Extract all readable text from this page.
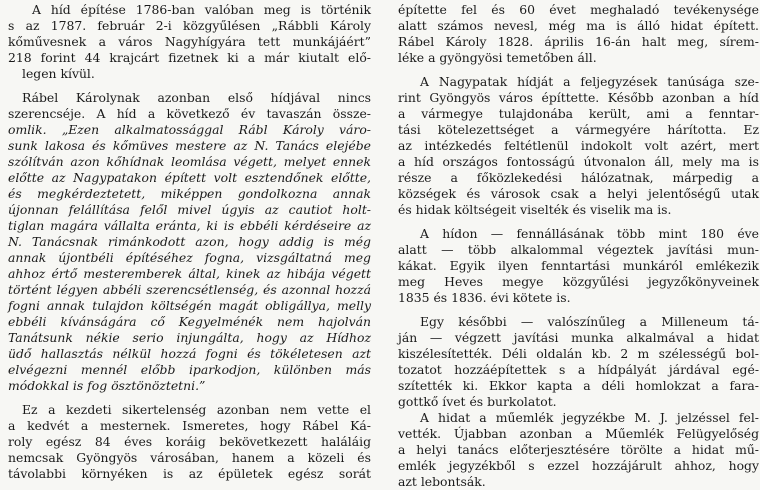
A híd építése 1786-ban valóban meg is történik
s az 1787. február 2-i közgyűlésen „Rábbli Károly
kőművesnek a város Nagyhígyára tett munkájáért”
218 forint 44 krajcárt fizetnek ki a már kiutalt elő-
legen kívül.
Rábel Károlynak azonban első hídjával nincs
szerencséje. A híd a következő év tavaszán össze-
omlik. „Ezen alkalmatossággal Rábl Károly váro-
sunk lakosa és kőmüves mestere az N. Tanács elejébe
szólítván azon kőhídnak leomlása végett, melyet ennek
előtte az Nagypatakon épített volt esztendőnek előtte,
és megkérdeztetett, miképpen gondolkozna annak
újonnan felállítása felől mivel úgyis az cautiot holt-
tiglan magára vállalta eránta, ki is ebbéli kérdéseire az
N. Tanácsnak rimánkodott azon, hogy addig is még
annak újontbéli építéséhez fogna, vizsgáltatná meg
ahhoz értő mesteremberek által, kinek az hibája végett
történt légyen abbéli szerencsétlenség, és azonnal hozzá
fogni annak tulajdon költségén magát obligállya, melly
ebbéli kívánságára cő Kegyelménék nem hajolván
Tanátsunk nékie serio injungálta, hogy az Hídhoz
üdő hallasztás nélkül hozzá fogni és tökéletesen azt
elvégezni mennél előbb iparkodjon, különben más
módokkal is fog ösztönöztetni.”
Ez a kezdeti sikertelenség azonban nem vette el
a kedvét a mesternek. Ismeretes, hogy Rábel Ká-
roly egész 84 éves koráig bekövetkezett haláláig
nemcsak Gyöngyös városában, hanem a közeli és
távolabbi környéken is az épületek egész sorát
építette fel és 60 évet meghaladó tevékenysége
alatt számos nevesl, még ma is álló hidat épített.
Rábel Károly 1828. április 16-án halt meg, sírem-
léke a gyöngyösi temetőben áll.
A Nagypatak hídját a feljegyzések tanúsága sze-
rint Gyöngyös város építtette. Később azonban a híd
a vármegye tulajdonába került, ami a fenntar-
tási kötelezettséget a vármegyére hárította. Ez
az intézkedés feltétlenül indokolt volt azért, mert
a híd országos fontosságú útvonalon áll, mely ma is
része a főközlekedési hálózatnak, márpedig a
községek és városok csak a helyi jelentőségű utak
és hidak költségeit viselték és viselik ma is.
A hídon — fennállásának több mint 180 éve
alatt — több alkalommal végeztek javítási mun-
kákat. Egyik ilyen fenntartási munkáról emlékezik
meg Heves megye közgyűlési jegyzőkönyveinek
1835 és 1836. évi kötete is.
Egy későbbi — valószínűleg a Milleneum tá-
ján — végzett javítási munka alkalmával a hidat
kiszélesítették. Déli oldalán kb. 2 m szélességű bol-
tozatot hozzáépítettek s a hídpályát járdával egé-
szítették ki. Ekkor kapta a déli homlokzat a fara-
gottkő ívet és burkolatot.
A hidat a műemlék jegyzékbe M. J. jelzéssel fel-
vették. Újabban azonban a Műemlék Felügyelőség
a helyi tanács előterjesztésére törölte a hidat mű-
emlék jegyzékből s ezzel hozzájárult ahhoz, hogy
azt lebontsák.
